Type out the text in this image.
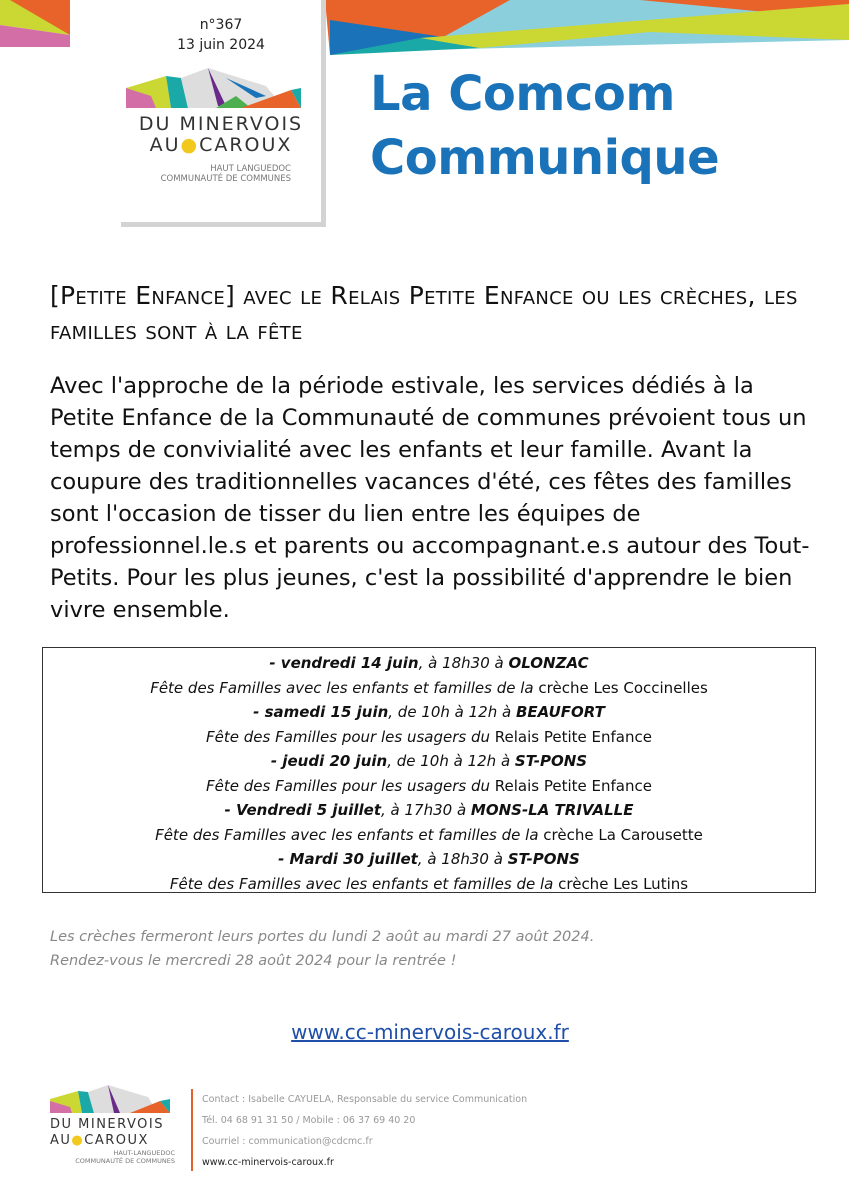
n°367
13 juin 2024
DU MINERVOIS
AU●CAROUX
HAUT LANGUEDOC
COMMUNAUTÉ DE COMMUNES
La Comcom
Communique
[Petite Enfance] avec le Relais Petite Enfance ou les crèches, les familles sont à la fête
Avec l'approche de la période estivale, les services dédiés à la Petite Enfance de la Communauté de communes prévoient tous un temps de convivialité avec les enfants et leur famille. Avant la coupure des traditionnelles vacances d'été, ces fêtes des familles sont l'occasion de tisser du lien entre les équipes de professionnel.le.s et parents ou accompagnant.e.s autour des Tout-Petits. Pour les plus jeunes, c'est la possibilité d'apprendre le bien vivre ensemble.
- vendredi 14 juin, à 18h30 à OLONZAC
Fête des Familles avec les enfants et familles de la crèche Les Coccinelles
- samedi 15 juin, de 10h à 12h à BEAUFORT
Fête des Familles pour les usagers du Relais Petite Enfance
- jeudi 20 juin, de 10h à 12h à ST-PONS
Fête des Familles pour les usagers du Relais Petite Enfance
- Vendredi 5 juillet, à 17h30 à MONS-LA TRIVALLE
Fête des Familles avec les enfants et familles de la crèche La Carousette
- Mardi 30 juillet, à 18h30 à ST-PONS
Fête des Familles avec les enfants et familles de la crèche Les Lutins
Les crèches fermeront leurs portes du lundi 2 août au mardi 27 août 2024.
Rendez-vous le mercredi 28 août 2024 pour la rentrée !
www.cc-minervois-caroux.fr
DU MINERVOIS
AU●CAROUX
HAUT-LANGUEDOC
COMMUNAUTÉ DE COMMUNES
Contact : Isabelle CAYUELA, Responsable du service Communication
Tél. 04 68 91 31 50 / Mobile : 06 37 69 40 20
Courriel : communication@cdcmc.fr
www.cc-minervois-caroux.fr
